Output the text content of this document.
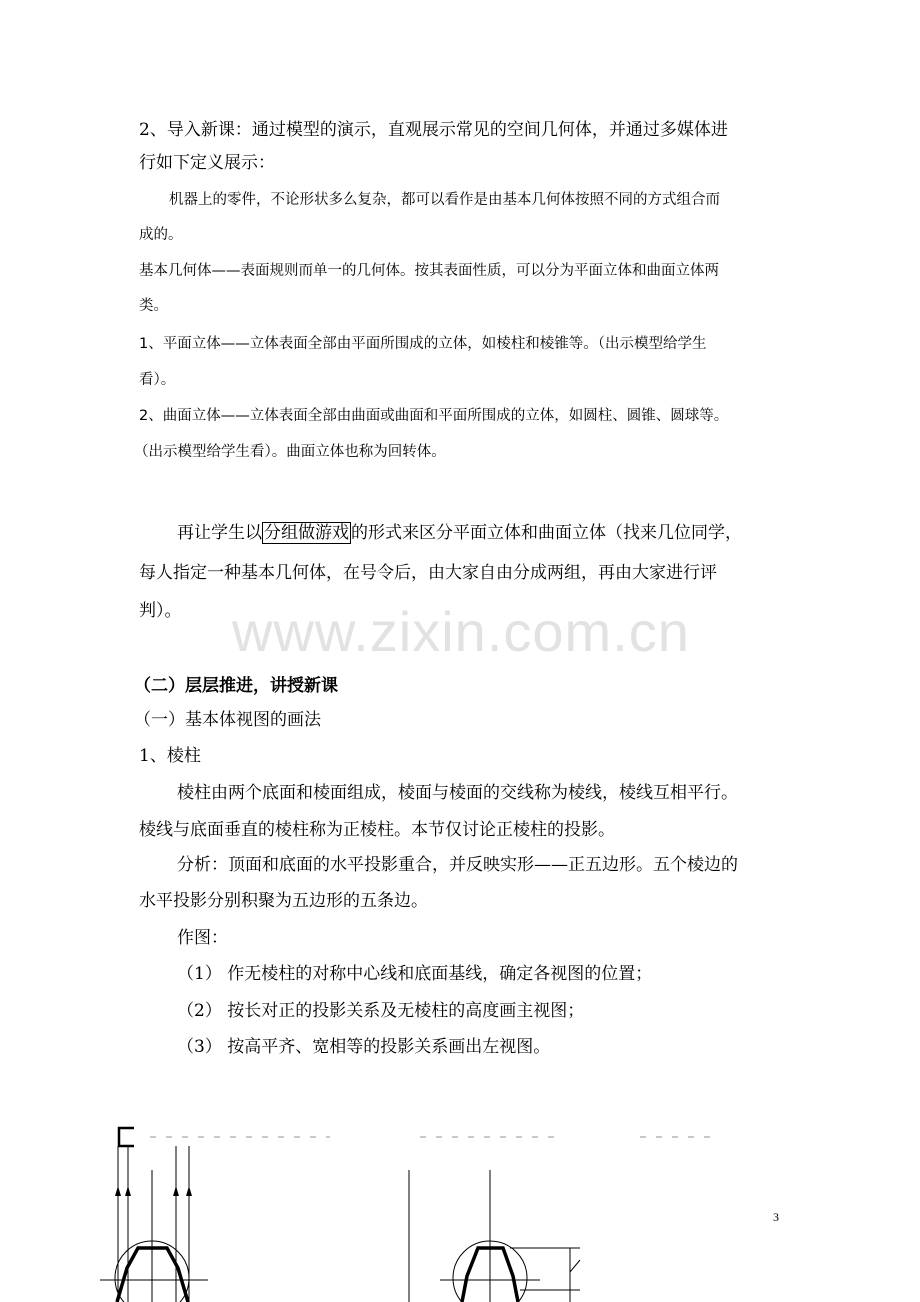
2、导入新课：通过模型的演示，直观展示常见的空间几何体，并通过多媒体进
行如下定义展示：
机器上的零件，不论形状多么复杂，都可以看作是由基本几何体按照不同的方式组合而
成的。
基本几何体——表面规则而单一的几何体。按其表面性质，可以分为平面立体和曲面立体两
类。
1、平面立体——立体表面全部由平面所围成的立体，如棱柱和棱锥等。（出示模型给学生
看）。
2、曲面立体——立体表面全部由曲面或曲面和平面所围成的立体，如圆柱、圆锥、圆球等。
（出示模型给学生看）。曲面立体也称为回转体。
再让学生以 分组做游戏 的形式来区分平面立体和曲面立体（找来几位同学，
每人指定一种基本几何体，在号令后，由大家自由分成两组，再由大家进行评
判）。 www.zixin.com.cn
（二）层层推进，讲授新课
（一）基本体视图的画法
1、棱柱
棱柱由两个底面和棱面组成，棱面与棱面的交线称为棱线，棱线互相平行。
棱线与底面垂直的棱柱称为正棱柱。本节仅讨论正棱柱的投影。
分析：顶面和底面的水平投影重合，并反映实形——正五边形。五个棱边的
水平投影分别积聚为五边形的五条边。
作图：
（1） 作无棱柱的对称中心线和底面基线，确定各视图的位置；
（2） 按长对正的投影关系及无棱柱的高度画主视图；
（3） 按高平齐、宽相等的投影关系画出左视图。
3
